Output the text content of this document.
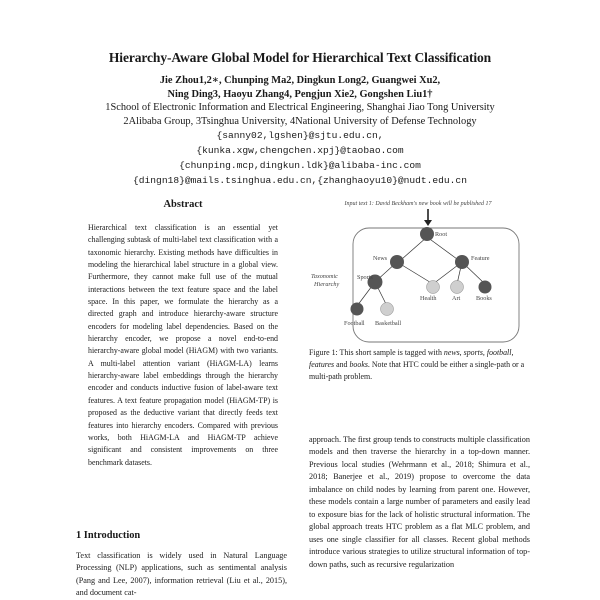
Hierarchy-Aware Global Model for Hierarchical Text Classification
Jie Zhou1,2∗, Chunping Ma2, Dingkun Long2, Guangwei Xu2,
Ning Ding3, Haoyu Zhang4, Pengjun Xie2, Gongshen Liu1†
1School of Electronic Information and Electrical Engineering, Shanghai Jiao Tong University
2Alibaba Group, 3Tsinghua University, 4National University of Defense Technology
{sanny02,lgshen}@sjtu.edu.cn,
{kunka.xgw,chengchen.xpj}@taobao.com
{chunping.mcp,dingkun.ldk}@alibaba-inc.com
{dingn18}@mails.tsinghua.edu.cn,{zhanghaoyu10}@nudt.edu.cn
Abstract
Hierarchical text classification is an essential yet challenging subtask of multi-label text classification with a taxonomic hierarchy. Existing methods have difficulties in modeling the hierarchical label structure in a global view. Furthermore, they cannot make full use of the mutual interactions between the text feature space and the label space. In this paper, we formulate the hierarchy as a directed graph and introduce hierarchy-aware structure encoders for modeling label dependencies. Based on the hierarchy encoder, we propose a novel end-to-end hierarchy-aware global model (HiAGM) with two variants. A multi-label attention variant (HiAGM-LA) learns hierarchy-aware label embeddings through the hierarchy encoder and conducts inductive fusion of label-aware text features. A text feature propagation model (HiAGM-TP) is proposed as the deductive variant that directly feeds text features into hierarchy encoders. Compared with previous works, both HiAGM-LA and HiAGM-TP achieve significant and consistent improvements on three benchmark datasets.
1 Introduction
Text classification is widely used in Natural Language Processing (NLP) applications, such as sentimental analysis (Pang and Lee, 2007), information retrieval (Liu et al., 2015), and document cat-
Input text 1: David Beckham's new book will be published 17
Root
News	Feature
Sports
Health	Art	Books
Football Basketball
Taxonomic
Hierarchy
Figure 1: This short sample is tagged with news, sports, football, features and books. Note that HTC could be either a single-path or a multi-path problem.
approach. The first group tends to constructs multiple classification models and then traverse the hierarchy in a top-down manner. Previous local studies (Wehrmann et al., 2018; Shimura et al., 2018; Banerjee et al., 2019) propose to overcome the data imbalance on child nodes by learning from parent one. However, these models contain a large number of parameters and easily lead to exposure bias for the lack of holistic structural information. The global approach treats HTC problem as a flat MLC problem, and uses one single classifier for all classes. Recent global methods introduce various strategies to utilize structural information of top-down paths, such as recursive regularization
